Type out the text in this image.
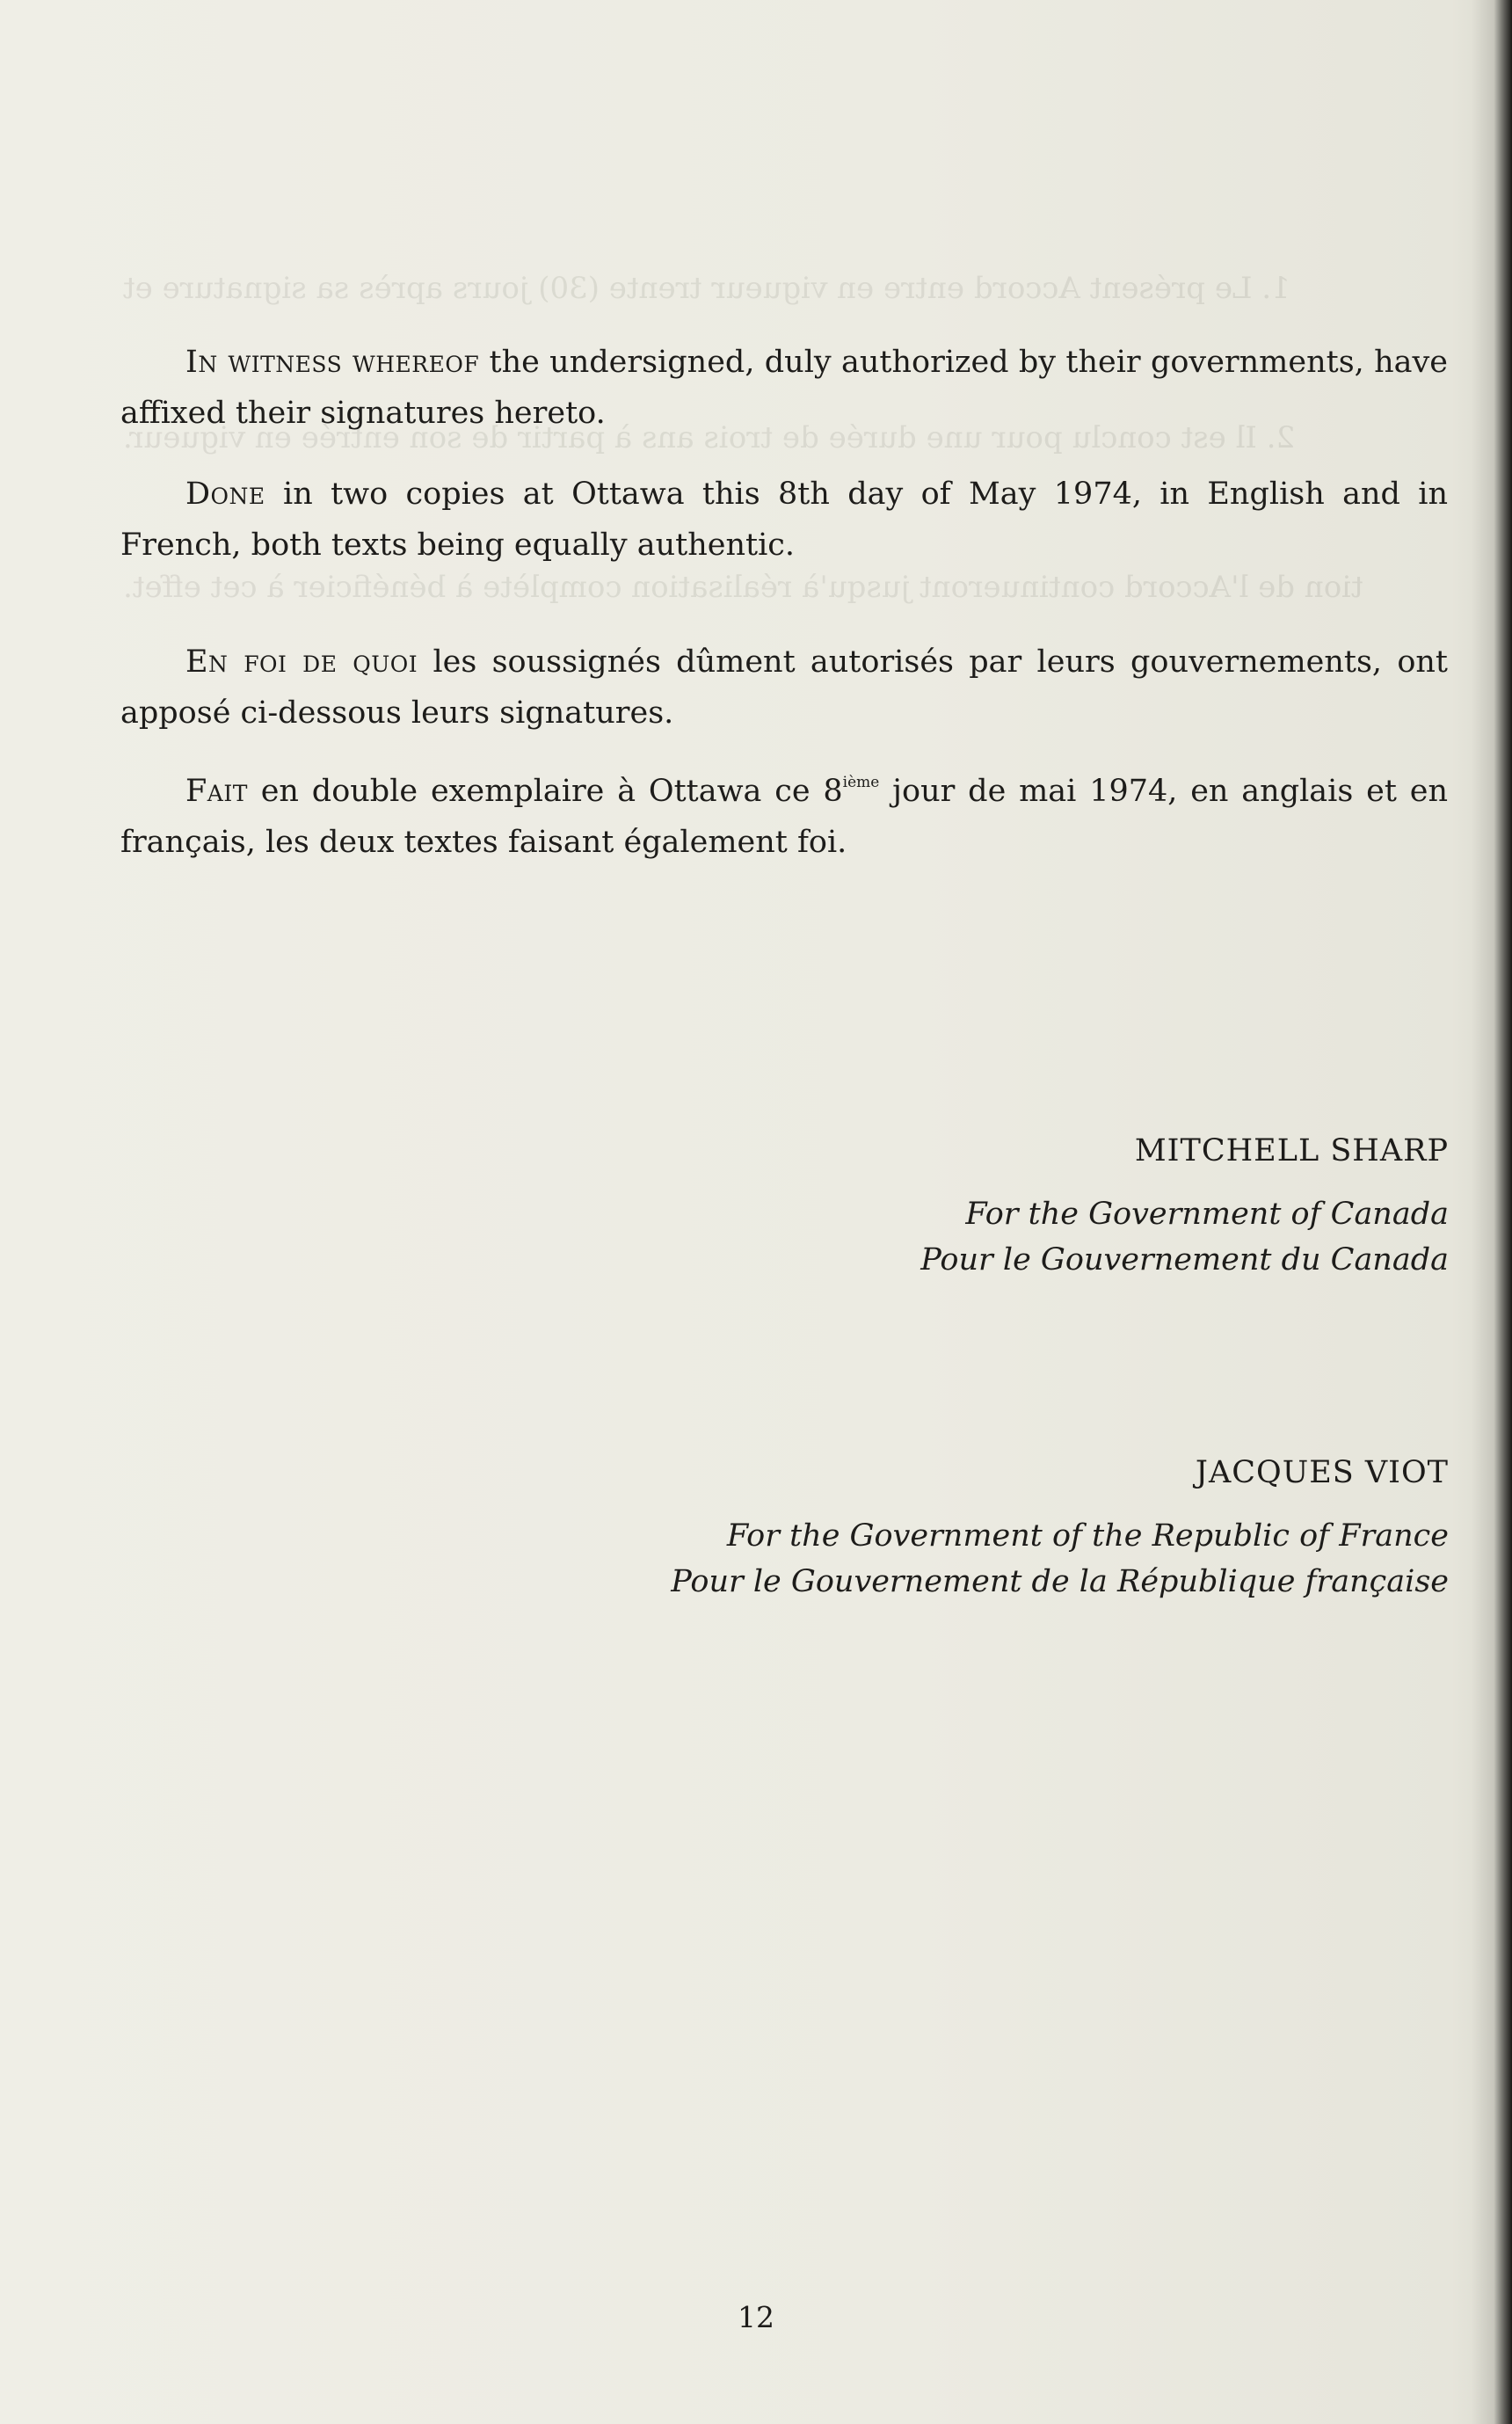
1. Le présent Accord entre en vigueur trente (30) jours après sa signature et
2. Il est conclu pour une durée de trois ans à partir de son entrée en vigueur.
tion de l'Accord continueront jusqu'à réalisation complète à bénéficier à cet effet.

In witness whereof the undersigned, duly authorized by their governments, have affixed their signatures hereto.

Done in two copies at Ottawa this 8th day of May 1974, in English and in French, both texts being equally authentic.

En foi de quoi les soussignés dûment autorisés par leurs gouvernements, ont apposé ci-dessous leurs signatures.

Fait en double exemplaire à Ottawa ce 8ième jour de mai 1974, en anglais et en français, les deux textes faisant également foi.

MITCHELL SHARP
For the Government of Canada
Pour le Gouvernement du Canada
JACQUES VIOT
For the Government of the Republic of France
Pour le Gouvernement de la République française
12
